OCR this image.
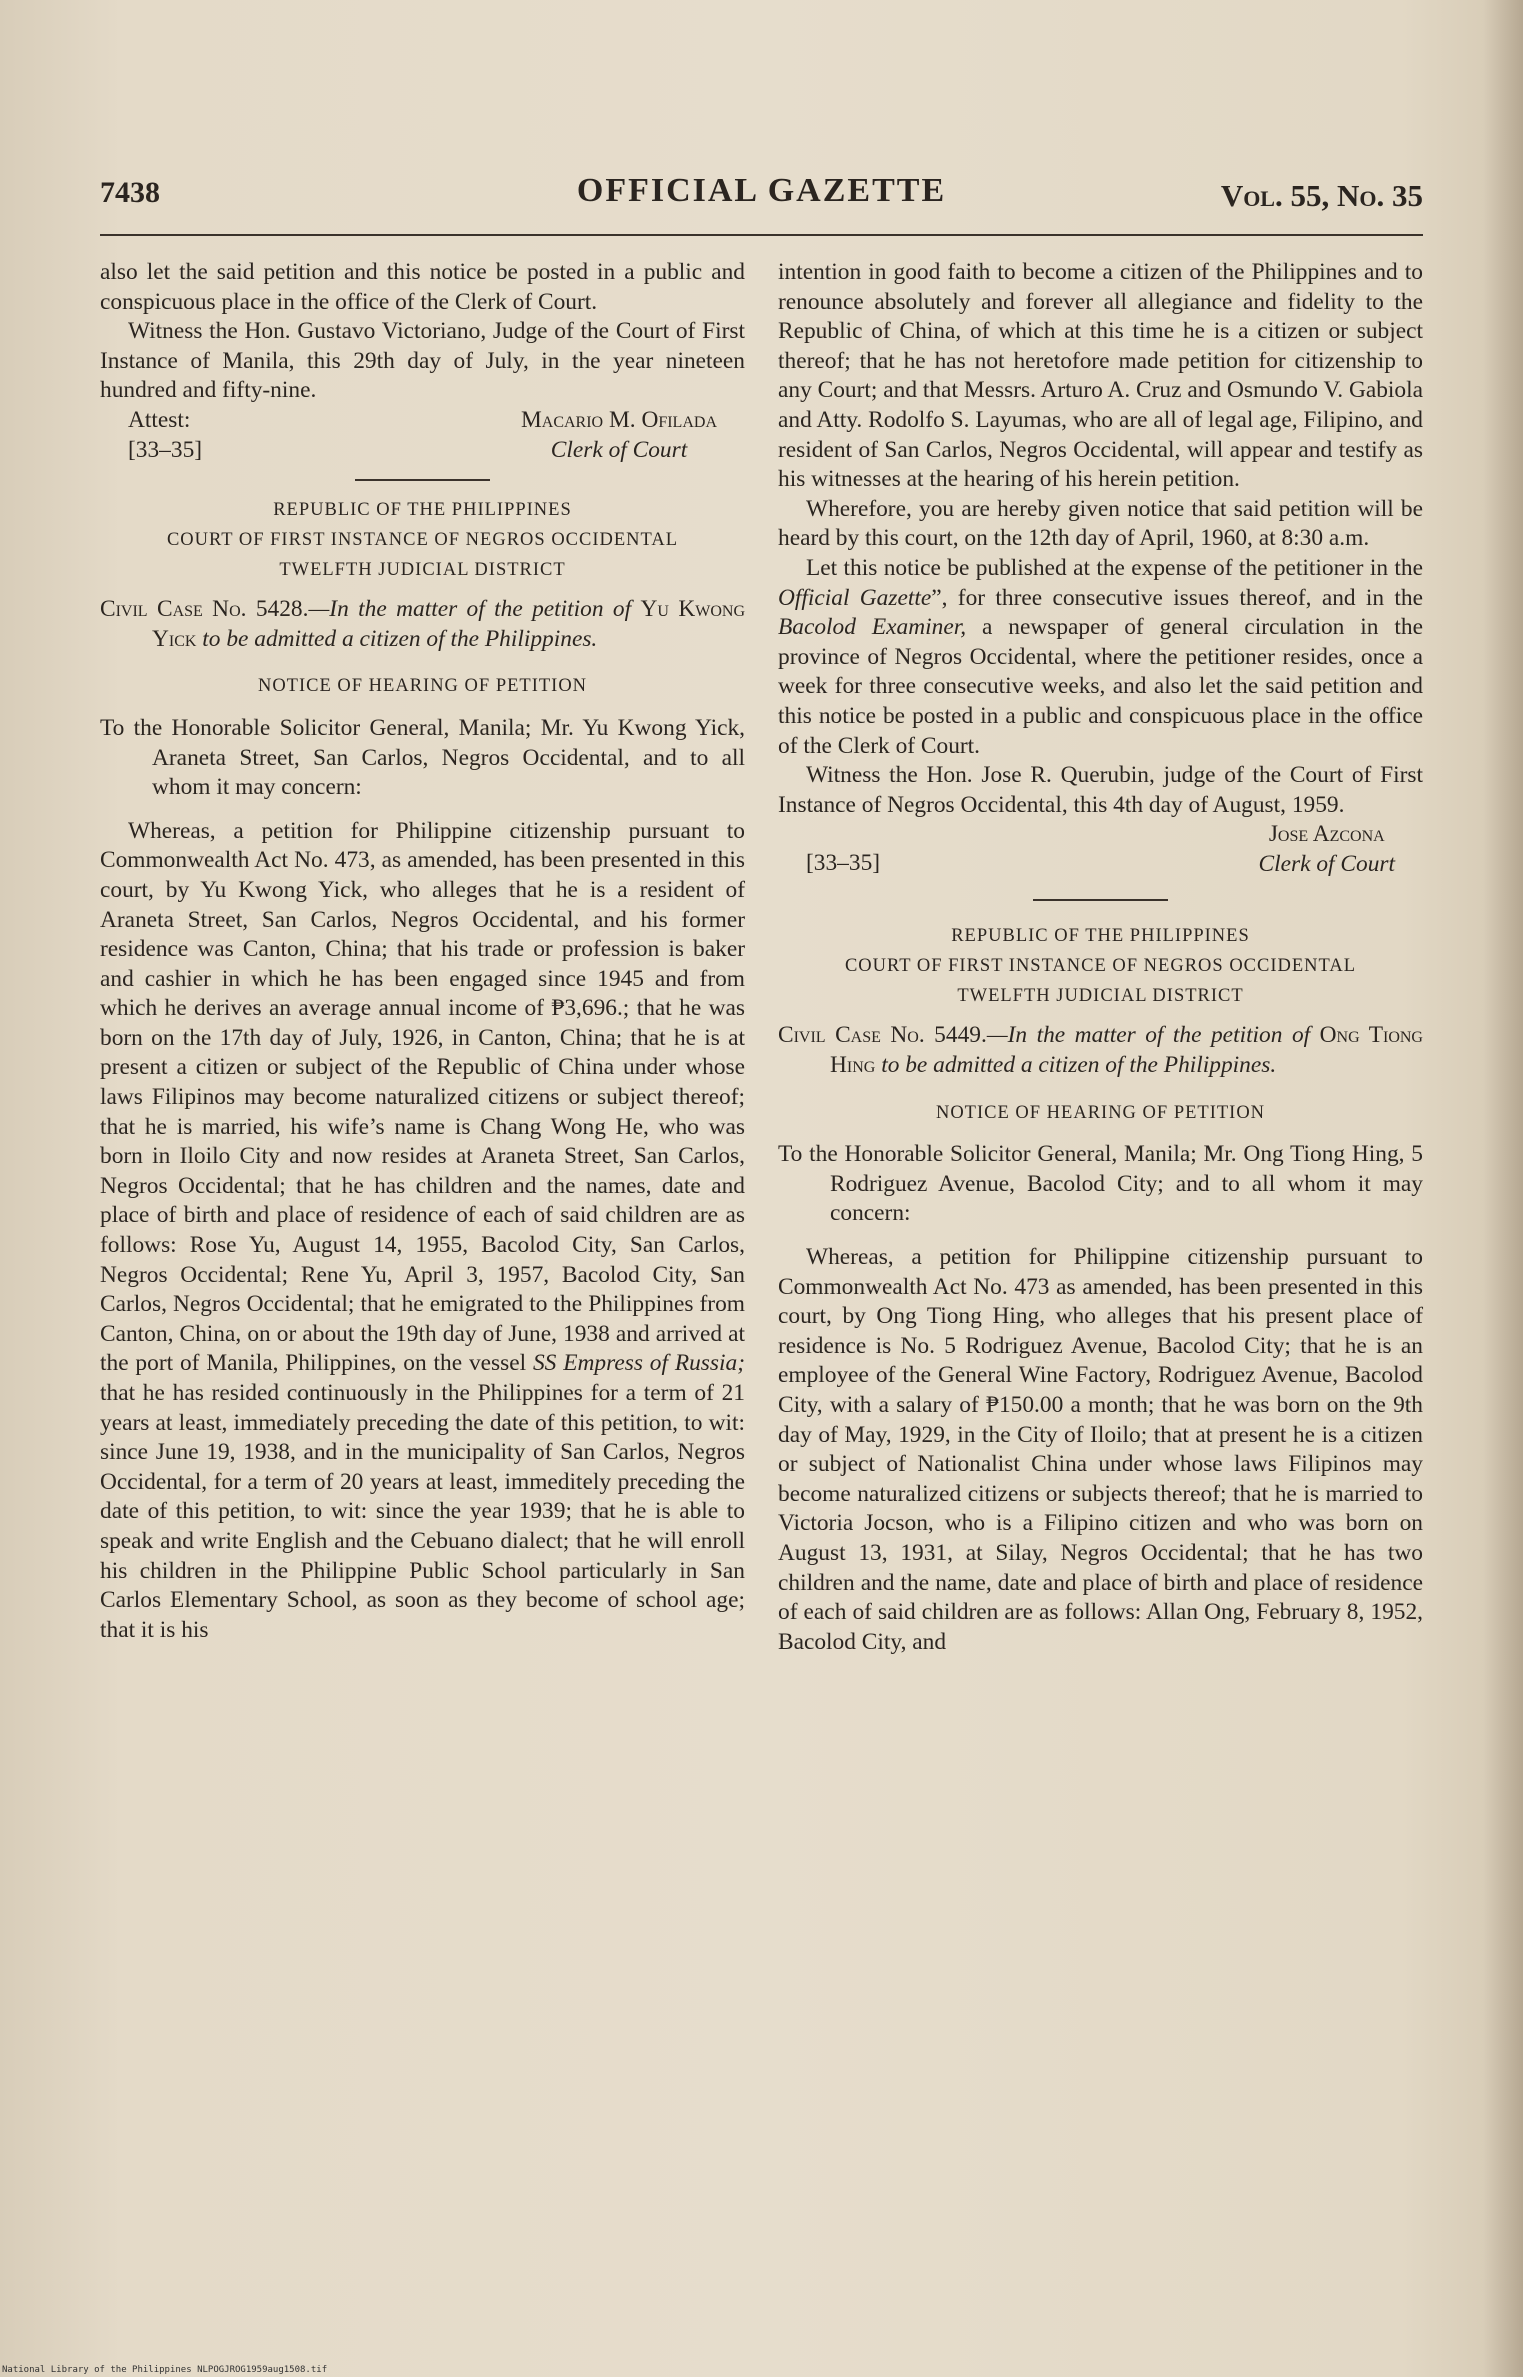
7438	OFFICIAL GAZETTE	Vol. 55, No. 35

also let the said petition and this notice be posted in a public and conspicuous place in the office of the Clerk of Court.

Witness the Hon. Gustavo Victoriano, Judge of the Court of First Instance of Manila, this 29th day of July, in the year nineteen hundred and fifty-nine.

Attest:
[33–35]
Macario M. Ofilada
Clerk of Court
REPUBLIC OF THE PHILIPPINES
COURT OF FIRST INSTANCE OF NEGROS OCCIDENTAL
TWELFTH JUDICIAL DISTRICT

Civil Case No. 5428.—In the matter of the petition of Yu Kwong Yick to be admitted a citizen of the Philippines.

NOTICE OF HEARING OF PETITION

To the Honorable Solicitor General, Manila; Mr. Yu Kwong Yick, Araneta Street, San Carlos, Negros Occidental, and to all whom it may concern:

Whereas, a petition for Philippine citizenship pursuant to Commonwealth Act No. 473, as amended, has been presented in this court, by Yu Kwong Yick, who alleges that he is a resident of Araneta Street, San Carlos, Negros Occidental, and his former residence was Canton, China; that his trade or profession is baker and cashier in which he has been engaged since 1945 and from which he derives an average annual income of ₱3,696.; that he was born on the 17th day of July, 1926, in Canton, China; that he is at present a citizen or subject of the Republic of China under whose laws Filipinos may become naturalized citizens or subject thereof; that he is married, his wife’s name is Chang Wong He, who was born in Iloilo City and now resides at Araneta Street, San Carlos, Negros Occidental; that he has children and the names, date and place of birth and place of residence of each of said children are as follows: Rose Yu, August 14, 1955, Bacolod City, San Carlos, Negros Occidental; Rene Yu, April 3, 1957, Bacolod City, San Carlos, Negros Occidental; that he emigrated to the Philippines from Canton, China, on or about the 19th day of June, 1938 and arrived at the port of Manila, Philippines, on the vessel SS Empress of Russia; that he has resided continuously in the Philippines for a term of 21 years at least, immediately preceding the date of this petition, to wit: since June 19, 1938, and in the municipality of San Carlos, Negros Occidental, for a term of 20 years at least, immeditely preceding the date of this petition, to wit: since the year 1939; that he is able to speak and write English and the Cebuano dialect; that he will enroll his children in the Philippine Public School particularly in San Carlos Elementary School, as soon as they become of school age; that it is his

intention in good faith to become a citizen of the Philippines and to renounce absolutely and forever all allegiance and fidelity to the Republic of China, of which at this time he is a citizen or subject thereof; that he has not heretofore made petition for citizenship to any Court; and that Messrs. Arturo A. Cruz and Osmundo V. Gabiola and Atty. Rodolfo S. Layumas, who are all of legal age, Filipino, and resident of San Carlos, Negros Occidental, will appear and testify as his witnesses at the hearing of his herein petition.

Wherefore, you are hereby given notice that said petition will be heard by this court, on the 12th day of April, 1960, at 8:30 a.m.

Let this notice be published at the expense of the petitioner in the Official Gazette”, for three consecutive issues thereof, and in the Bacolod Examiner, a newspaper of general circulation in the province of Negros Occidental, where the petitioner resides, once a week for three consecutive weeks, and also let the said petition and this notice be posted in a public and conspicuous place in the office of the Clerk of Court.

Witness the Hon. Jose R. Querubin, judge of the Court of First Instance of Negros Occidental, this 4th day of August, 1959.

[33–35]
Jose Azcona
Clerk of Court
REPUBLIC OF THE PHILIPPINES
COURT OF FIRST INSTANCE OF NEGROS OCCIDENTAL
TWELFTH JUDICIAL DISTRICT

Civil Case No. 5449.—In the matter of the petition of Ong Tiong Hing to be admitted a citizen of the Philippines.

NOTICE OF HEARING OF PETITION

To the Honorable Solicitor General, Manila; Mr. Ong Tiong Hing, 5 Rodriguez Avenue, Bacolod City; and to all whom it may concern:

Whereas, a petition for Philippine citizenship pursuant to Commonwealth Act No. 473 as amended, has been presented in this court, by Ong Tiong Hing, who alleges that his present place of residence is No. 5 Rodriguez Avenue, Bacolod City; that he is an employee of the General Wine Factory, Rodriguez Avenue, Bacolod City, with a salary of ₱150.00 a month; that he was born on the 9th day of May, 1929, in the City of Iloilo; that at present he is a citizen or subject of Nationalist China under whose laws Filipinos may become naturalized citizens or subjects thereof; that he is married to Victoria Jocson, who is a Filipino citizen and who was born on August 13, 1931, at Silay, Negros Occidental; that he has two children and the name, date and place of birth and place of residence of each of said children are as follows: Allan Ong, February 8, 1952, Bacolod City, and

National Library of the Philippines NLPOGJROG1959aug1508.tif
